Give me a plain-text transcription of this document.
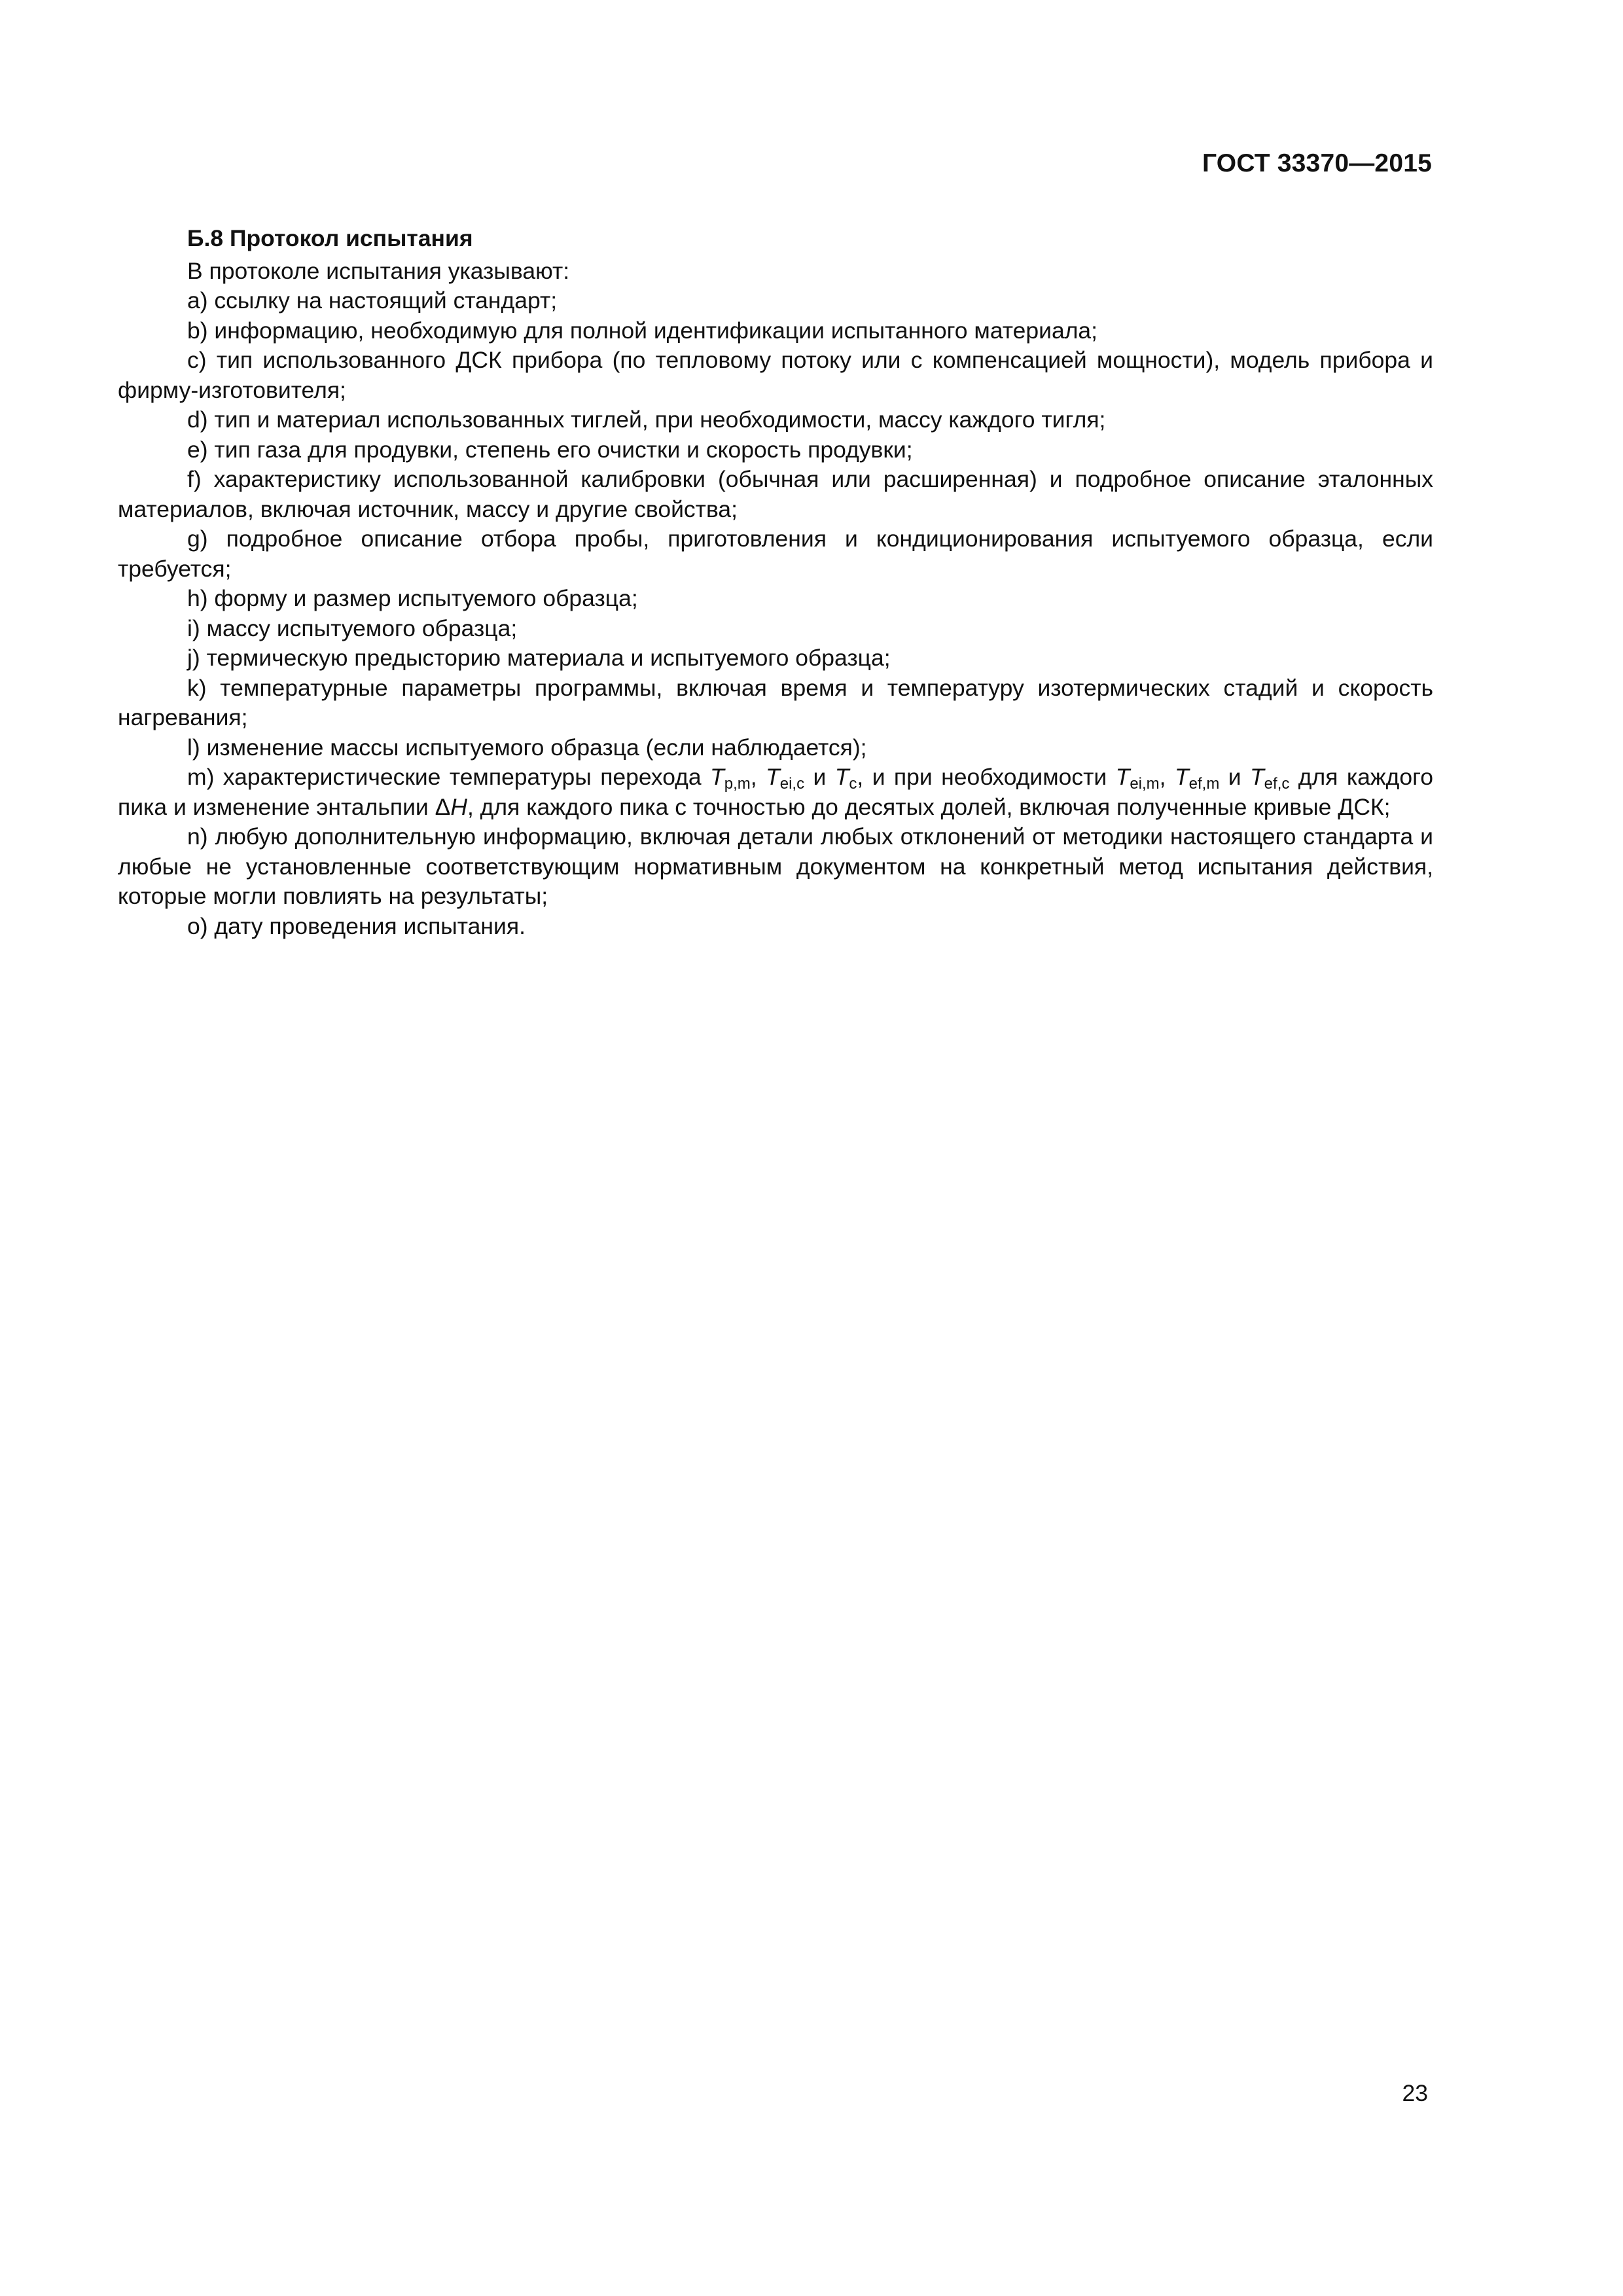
ГОСТ 33370—2015
Б.8 Протокол испытания

В протоколе испытания указывают:

a) ссылку на настоящий стандарт;

b) информацию, необходимую для полной идентификации испытанного материала;

c) тип использованного ДСК прибора (по тепловому потоку или с компенсацией мощности), модель прибора и фирму-изготовителя;

d) тип и материал использованных тиглей, при необходимости, массу каждого тигля;

e) тип газа для продувки, степень его очистки и скорость продувки;

f) характеристику использованной калибровки (обычная или расширенная) и подробное описание эталонных материалов, включая источник, массу и другие свойства;

g) подробное описание отбора пробы, приготовления и кондиционирования испытуемого образца, если требуется;

h) форму и размер испытуемого образца;

i) массу испытуемого образца;

j) термическую предысторию материала и испытуемого образца;

k) температурные параметры программы, включая время и температуру изотермических стадий и скорость нагревания;

l) изменение массы испытуемого образца (если наблюдается);

m) характеристические температуры перехода $T_{p,m}$, $T_{ei,c}$ и $T_c$, и при необходимости $T_{ei,m}$, $T_{ef,m}$ и $T_{ef,c}$ для каждого пика и изменение энтальпии ΔH, для каждого пика с точностью до десятых долей, включая полученные кривые ДСК;

n) любую дополнительную информацию, включая детали любых отклонений от методики настоящего стандарта и любые не установленные соответствующим нормативным документом на конкретный метод испытания действия, которые могли повлиять на результаты;

o) дату проведения испытания.

23
